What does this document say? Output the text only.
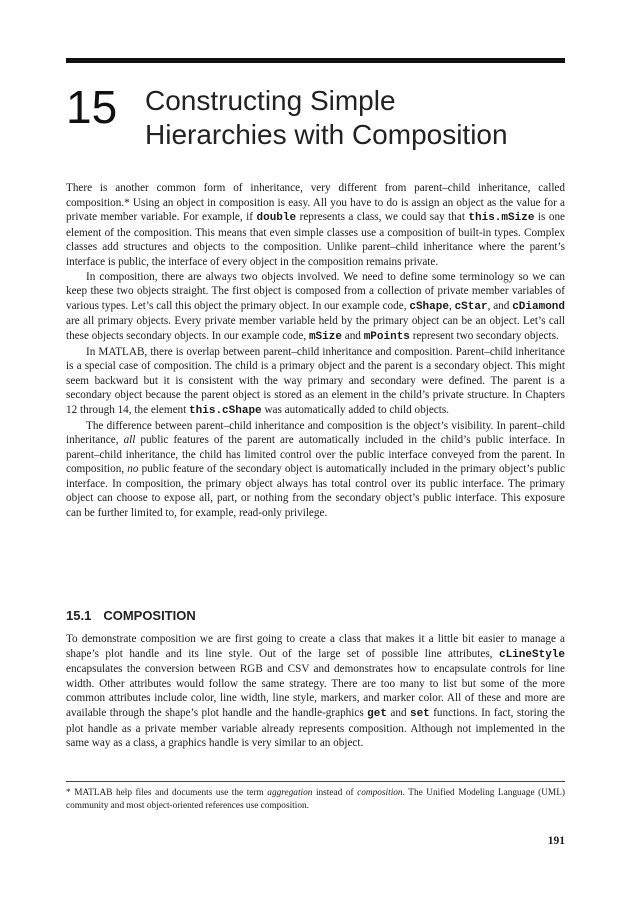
15 Constructing Simple
Hierarchies with Composition

There is another common form of inheritance, very different from parent–child inheritance, called composition.* Using an object in composition is easy. All you have to do is assign an object as the value for a private member variable. For example, if double represents a class, we could say that this.mSize is one element of the composition. This means that even simple classes use a composition of built-in types. Complex classes add structures and objects to the composition. Unlike parent–child inheritance where the parent’s interface is public, the interface of every object in the composition remains private.

In composition, there are always two objects involved. We need to define some terminology so we can keep these two objects straight. The first object is composed from a collection of private member variables of various types. Let’s call this object the primary object. In our example code, cShape, cStar, and cDiamond are all primary objects. Every private member variable held by the primary object can be an object. Let’s call these objects secondary objects. In our example code, mSize and mPoints represent two secondary objects.

In MATLAB, there is overlap between parent–child inheritance and composition. Parent–child inheritance is a special case of composition. The child is a primary object and the parent is a secondary object. This might seem backward but it is consistent with the way primary and secondary were defined. The parent is a secondary object because the parent object is stored as an element in the child’s private structure. In Chapters 12 through 14, the element this.cShape was automatically added to child objects.

The difference between parent–child inheritance and composition is the object’s visibility. In parent–child inheritance, all public features of the parent are automatically included in the child’s public interface. In parent–child inheritance, the child has limited control over the public interface conveyed from the parent. In composition, no public feature of the secondary object is automatically included in the primary object’s public interface. In composition, the primary object always has total control over its public interface. The primary object can choose to expose all, part, or nothing from the secondary object’s public interface. This exposure can be further limited to, for example, read-only privilege.

15.1 COMPOSITION

To demonstrate composition we are first going to create a class that makes it a little bit easier to manage a shape’s plot handle and its line style. Out of the large set of possible line attributes, cLineStyle encapsulates the conversion between RGB and CSV and demonstrates how to encapsulate controls for line width. Other attributes would follow the same strategy. There are too many to list but some of the more common attributes include color, line width, line style, markers, and marker color. All of these and more are available through the shape’s plot handle and the handle-graphics get and set functions. In fact, storing the plot handle as a private member variable already represents composition. Although not implemented in the same way as a class, a graphics handle is very similar to an object.

* MATLAB help files and documents use the term aggregation instead of composition. The Unified Modeling Language (UML) community and most object-oriented references use composition.
191
